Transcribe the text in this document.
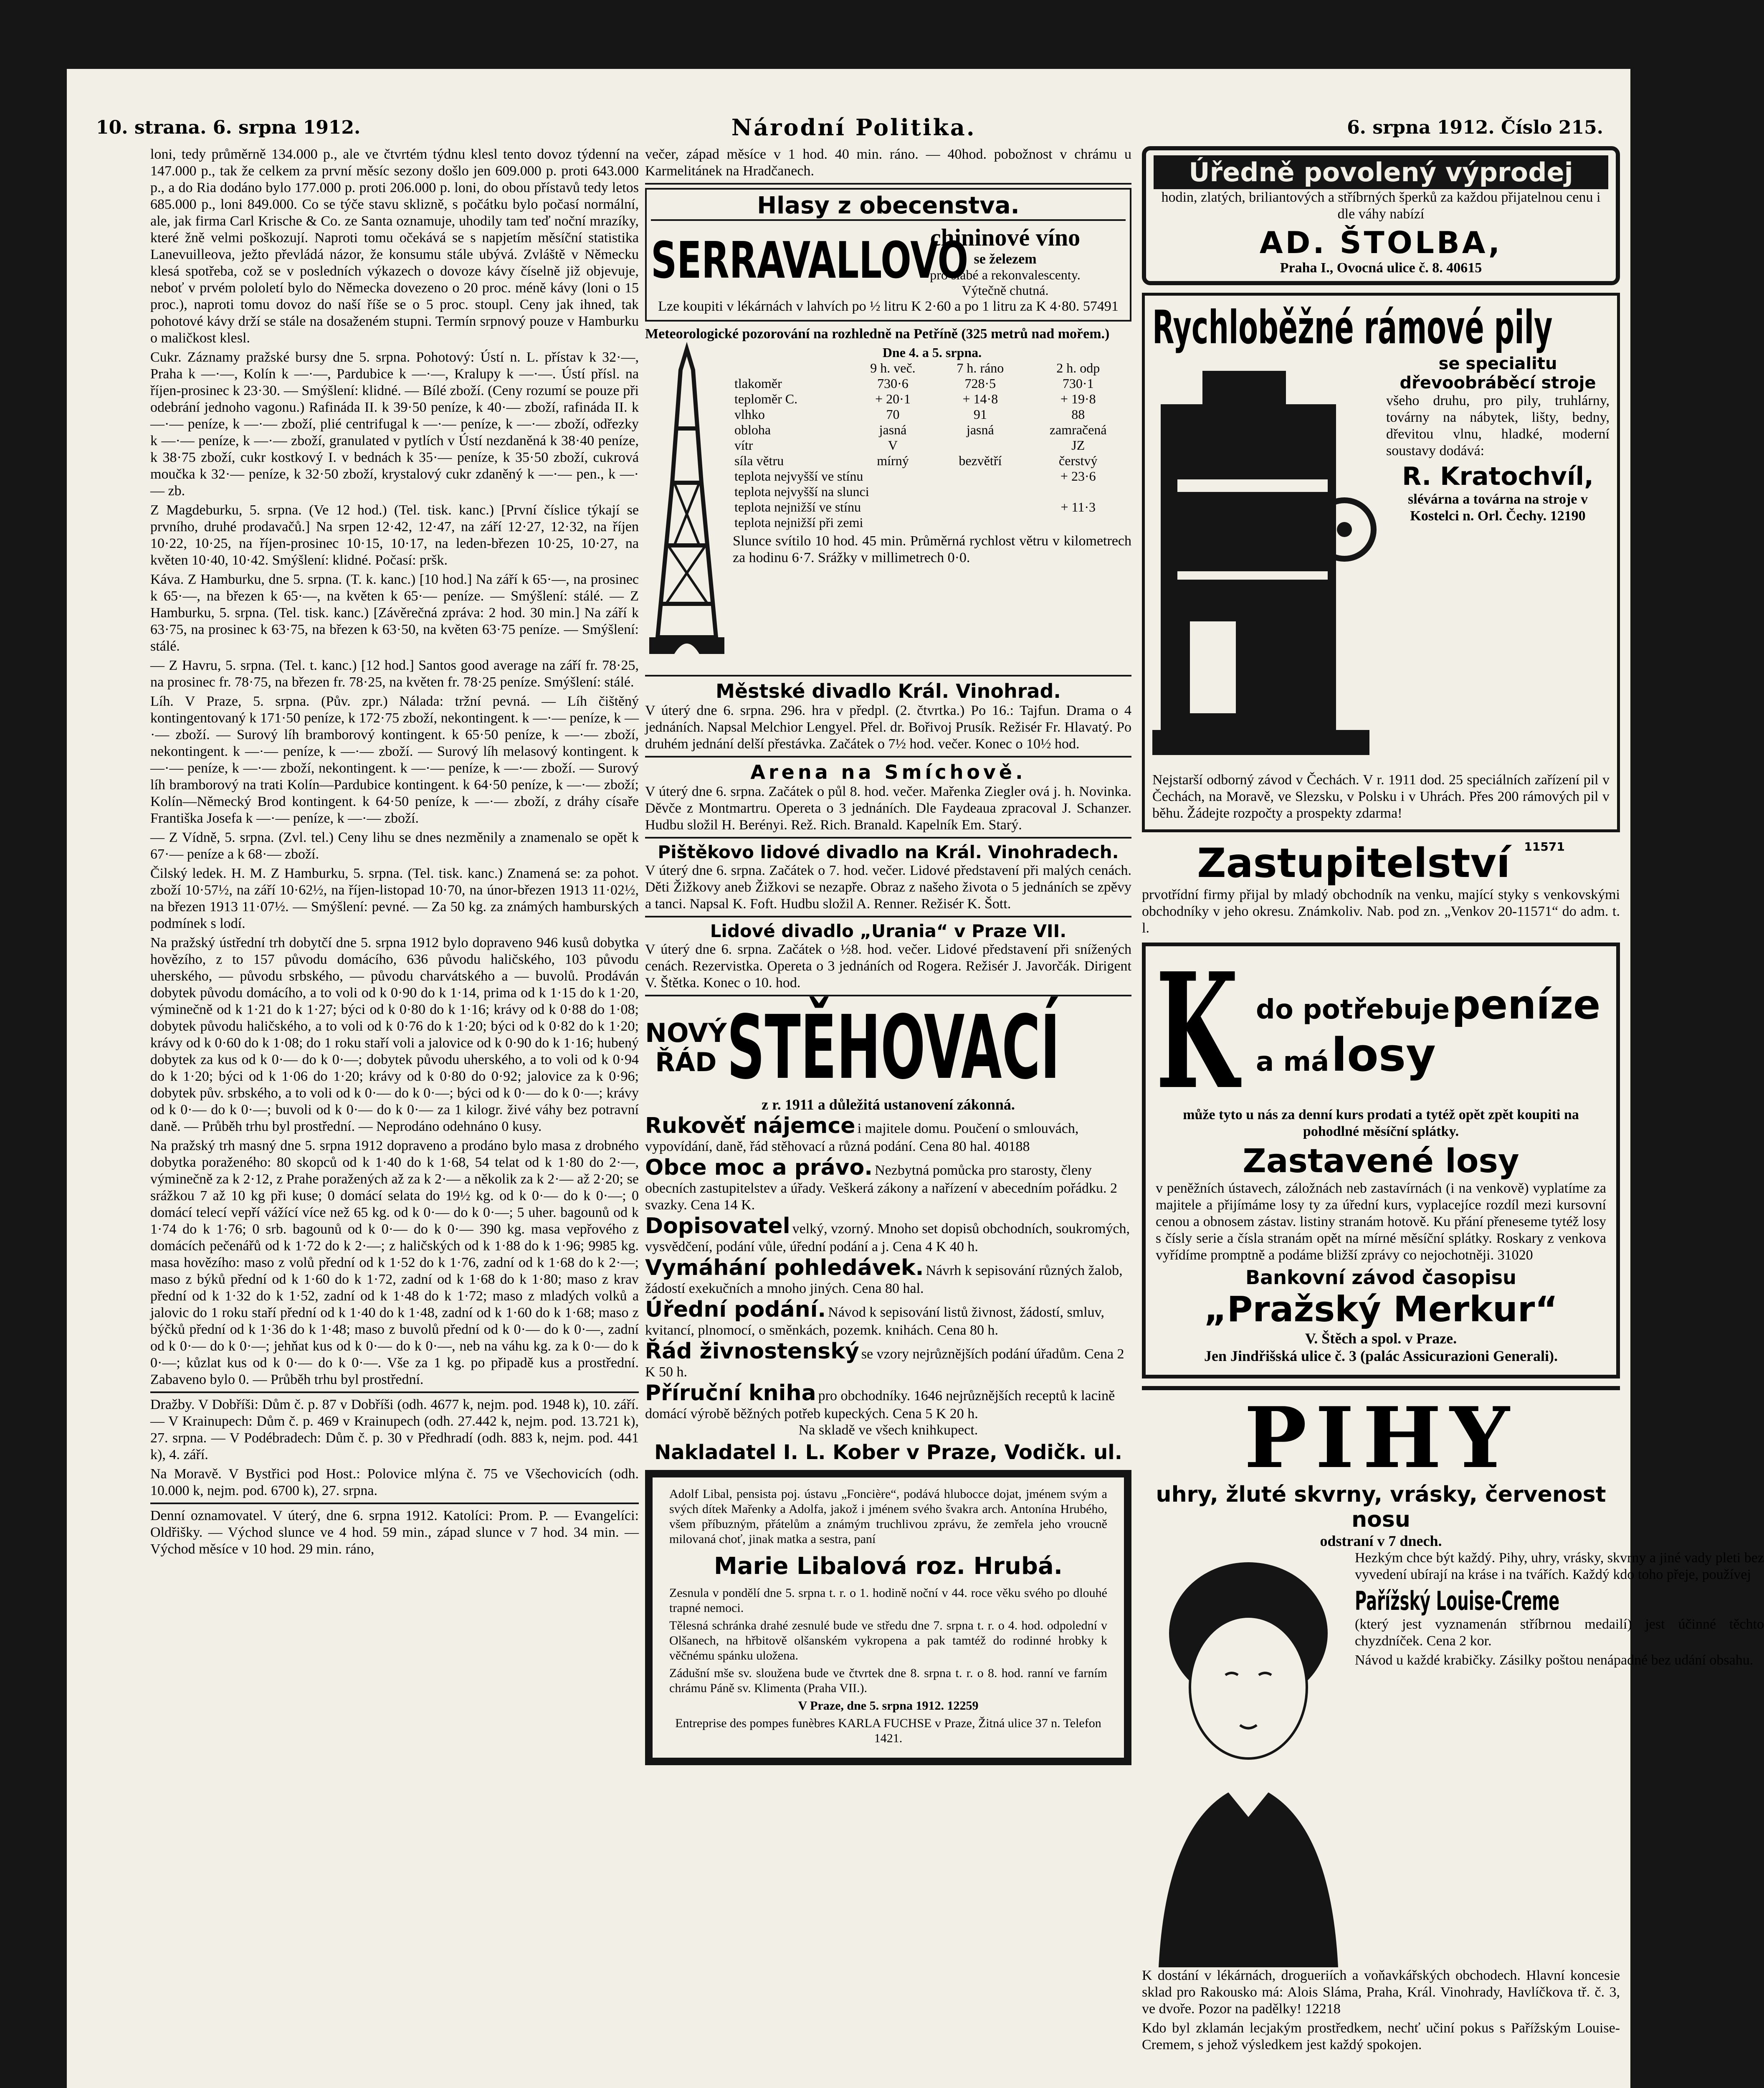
10. strana. 6. srpna 1912.	Národní Politika.	6. srpna 1912. Číslo 215.

loni, tedy průměrně 134.000 p., ale ve čtvrtém týdnu klesl tento dovoz týdenní na 147.000 p., tak že celkem za první měsíc sezony došlo jen 609.000 p. proti 643.000 p., a do Ria dodáno bylo 177.000 p. proti 206.000 p. loni, do obou přístavů tedy letos 685.000 p., loni 849.000. Co se týče stavu sklizně, s počátku bylo počasí normální, ale, jak firma Carl Krische & Co. ze Santa oznamuje, uhodily tam teď noční mrazíky, které žně velmi poškozují. Naproti tomu očekává se s napjetím měsíční statistika Lanevuilleova, ježto převládá názor, že konsumu stále ubývá. Zvláště v Německu klesá spotřeba, což se v posledních výkazech o dovoze kávy číselně již objevuje, neboť v prvém pololetí bylo do Německa dovezeno o 20 proc. méně kávy (loni o 15 proc.), naproti tomu dovoz do naší říše se o 5 proc. stoupl. Ceny jak ihned, tak pohotové kávy drží se stále na dosaženém stupni. Termín srpnový pouze v Hamburku o maličkost klesl.

Cukr. Záznamy pražské bursy dne 5. srpna. Pohotový: Ústí n. L. přístav k 32·—, Praha k —·—, Kolín k —·—, Pardubice k —·—, Kralupy k —·—. Ústí přísl. na říjen-prosinec k 23·30. — Smýšlení: klidné. — Bílé zboží. (Ceny rozumí se pouze při odebrání jednoho vagonu.) Rafináda II. k 39·50 peníze, k 40·— zboží, rafináda II. k —·— peníze, k —·— zboží, plié centrifugal k —·— peníze, k —·— zboží, odřezky k —·— peníze, k —·— zboží, granulated v pytlích v Ústí nezdaněná k 38·40 peníze, k 38·75 zboží, cukr kostkový I. v bednách k 35·— peníze, k 35·50 zboží, cukrová moučka k 32·— peníze, k 32·50 zboží, krystalový cukr zdaněný k —·— pen., k —·— zb.

Z Magdeburku, 5. srpna. (Ve 12 hod.) (Tel. tisk. kanc.) [První číslice týkají se prvního, druhé prodavačů.] Na srpen 12·42, 12·47, na září 12·27, 12·32, na říjen 10·22, 10·25, na říjen-prosinec 10·15, 10·17, na leden-březen 10·25, 10·27, na květen 10·40, 10·42. Smýšlení: klidné. Počasí: pršk.

Káva. Z Hamburku, dne 5. srpna. (T. k. kanc.) [10 hod.] Na září k 65·—, na prosinec k 65·—, na březen k 65·—, na květen k 65·— peníze. — Smýšlení: stálé. — Z Hamburku, 5. srpna. (Tel. tisk. kanc.) [Závěrečná zpráva: 2 hod. 30 min.] Na září k 63·75, na prosinec k 63·75, na březen k 63·50, na květen 63·75 peníze. — Smýšlení: stálé.

— Z Havru, 5. srpna. (Tel. t. kanc.) [12 hod.] Santos good average na září fr. 78·25, na prosinec fr. 78·75, na březen fr. 78·25, na květen fr. 78·25 peníze. Smýšlení: stálé.

Líh. V Praze, 5. srpna. (Pův. zpr.) Nálada: tržní pevná. — Líh čištěný kontingentovaný k 171·50 peníze, k 172·75 zboží, nekontingent. k —·— peníze, k —·— zboží. — Surový líh bramborový kontingent. k 65·50 peníze, k —·— zboží, nekontingent. k —·— peníze, k —·— zboží. — Surový líh melasový kontingent. k —·— peníze, k —·— zboží, nekontingent. k —·— peníze, k —·— zboží. — Surový líh bramborový na trati Kolín—Pardubice kontingent. k 64·50 peníze, k —·— zboží; Kolín—Německý Brod kontingent. k 64·50 peníze, k —·— zboží, z dráhy císaře Františka Josefa k —·— peníze, k —·— zboží.

— Z Vídně, 5. srpna. (Zvl. tel.) Ceny lihu se dnes nezměnily a znamenalo se opět k 67·— peníze a k 68·— zboží.

Čilský ledek. H. M. Z Hamburku, 5. srpna. (Tel. tisk. kanc.) Znamená se: za pohot. zboží 10·57½, na září 10·62½, na říjen-listopad 10·70, na únor-březen 1913 11·02½, na březen 1913 11·07½. — Smýšlení: pevné. — Za 50 kg. za známých hamburských podmínek s lodí.

Na pražský ústřední trh dobytčí dne 5. srpna 1912 bylo dopraveno 946 kusů dobytka hovězího, z to 157 původu domácího, 636 původu haličského, 103 původu uherského, — původu srbského, — původu charvátského a — buvolů. Prodáván dobytek původu domácího, a to voli od k 0·90 do k 1·14, prima od k 1·15 do k 1·20, výminečně od k 1·21 do k 1·27; býci od k 0·80 do k 1·16; krávy od k 0·88 do 1·08; dobytek původu haličského, a to voli od k 0·76 do k 1·20; býci od k 0·82 do k 1·20; krávy od k 0·60 do k 1·08; do 1 roku staří voli a jalovice od k 0·90 do k 1·16; hubený dobytek za kus od k 0·— do k 0·—; dobytek původu uherského, a to voli od k 0·94 do k 1·20; býci od k 1·06 do 1·20; krávy od k 0·80 do 0·92; jalovice za k 0·96; dobytek pův. srbského, a to voli od k 0·— do k 0·—; býci od k 0·— do k 0·—; krávy od k 0·— do k 0·—; buvoli od k 0·— do k 0·— za 1 kilogr. živé váhy bez potravní daně. — Průběh trhu byl prostřední. — Neprodáno odehnáno 0 kusy.

Na pražský trh masný dne 5. srpna 1912 dopraveno a prodáno bylo masa z drobného dobytka poraženého: 80 skopců od k 1·40 do k 1·68, 54 telat od k 1·80 do 2·—, výminečně za k 2·12, z Prahe poražených až za k 2·— a několik za k 2·— až 2·20; se srážkou 7 až 10 kg při kuse; 0 domácí selata do 19½ kg. od k 0·— do k 0·—; 0 domácí telecí vepří vážící více než 65 kg. od k 0·— do k 0·—; 5 uher. bagounů od k 1·74 do k 1·76; 0 srb. bagounů od k 0·— do k 0·— 390 kg. masa vepřového z domácích pečenářů od k 1·72 do k 2·—; z haličských od k 1·88 do k 1·96; 9985 kg. masa hovězího: maso z volů přední od k 1·52 do k 1·76, zadní od k 1·68 do k 2·—; maso z býků přední od k 1·60 do k 1·72, zadní od k 1·68 do k 1·80; maso z krav přední od k 1·32 do k 1·52, zadní od k 1·48 do k 1·72; maso z mladých volků a jalovic do 1 roku staří přední od k 1·40 do k 1·48, zadní od k 1·60 do k 1·68; maso z býčků přední od k 1·36 do k 1·48; maso z buvolů přední od k 0·— do k 0·—, zadní od k 0·— do k 0·—; jehňat kus od k 0·— do k 0·—, neb na váhu kg. za k 0·— do k 0·—; kůzlat kus od k 0·— do k 0·—. Vše za 1 kg. po připadě kus a prostřední. Zabaveno bylo 0. — Průběh trhu byl prostřední.

Dražby. V Dobříši: Dům č. p. 87 v Dobříši (odh. 4677 k, nejm. pod. 1948 k), 10. září. — V Krainupech: Dům č. p. 469 v Krainupech (odh. 27.442 k, nejm. pod. 13.721 k), 27. srpna. — V Podébradech: Dům č. p. 30 v Předhradí (odh. 883 k, nejm. pod. 441 k), 4. září.

Na Moravě. V Bystřici pod Host.: Polovice mlýna č. 75 ve Všechovicích (odh. 10.000 k, nejm. pod. 6700 k), 27. srpna.

Denní oznamovatel. V úterý, dne 6. srpna 1912. Katolíci: Prom. P. — Evangelíci: Oldřišky. — Východ slunce ve 4 hod. 59 min., západ slunce v 7 hod. 34 min. — Východ měsíce v 10 hod. 29 min. ráno,

večer, západ měsíce v 1 hod. 40 min. ráno. — 40hod. pobožnost v chrámu u Karmelitánek na Hradčanech.

Hlasy z obecenstva.
SERRAVALLOVO
chininové víno
se železem
pro slabé a rekonvalescenty.
Výtečně chutná.

Lze koupiti v lékárnách v lahvích po ½ litru K 2·60 a po 1 litru za K 4·80. 57491

Meteorologické pozorování na rozhledně na Petříně (325 metrů nad mořem.)

Dne 4. a 5. srpna.
	9 h. več.	7 h. ráno	2 h. odp
tlakoměr	730·6	728·5	730·1
teploměr C.	+ 20·1	+ 14·8	+ 19·8
vlhko	70	91	88
obloha	jasná	jasná	zamračená
vítr	V		JZ
síla větru	mírný	bezvětří	čerstvý
teplota nejvyšší ve stínu			+ 23·6
teplota nejvyšší na slunci			
teplota nejnižší ve stínu			+ 11·3
teplota nejnižší při zemi			

Slunce svítilo 10 hod. 45 min. Průměrná rychlost větru v kilometrech za hodinu 6·7. Srážky v millimetrech 0·0.

Městské divadlo Král. Vinohrad.

V úterý dne 6. srpna. 296. hra v předpl. (2. čtvrtka.) Po 16.: Tajfun. Drama o 4 jednáních. Napsal Melchior Lengyel. Přel. dr. Bořivoj Prusík. Režisér Fr. Hlavatý. Po druhém jednání delší přestávka. Začátek o 7½ hod. večer. Konec o 10½ hod.

Arena na Smíchově.

V úterý dne 6. srpna. Začátek o půl 8. hod. večer. Mařenka Ziegler ová j. h. Novinka. Děvče z Montmartru. Opereta o 3 jednáních. Dle Faydeaua zpracoval J. Schanzer. Hudbu složil H. Berényi. Rež. Rich. Branald. Kapelník Em. Starý.

Pištěkovo lidové divadlo na Král. Vinohradech.

V úterý dne 6. srpna. Začátek o 7. hod. večer. Lidové představení při malých cenách. Děti Žižkovy aneb Žižkovi se nezapře. Obraz z našeho života o 5 jednáních se zpěvy a tanci. Napsal K. Foft. Hudbu složil A. Renner. Režisér K. Šott.

Lidové divadlo „Urania“ v Praze VII.

V úterý dne 6. srpna. Začátek o ½8. hod. večer. Lidové představení při snížených cenách. Rezervistka. Opereta o 3 jednáních od Rogera. Režisér J. Javorčák. Dirigent V. Štětka. Konec o 10. hod.

NOVÝ ŘÁD STĚHOVACÍ
z r. 1911 a důležitá ustanovení zákonná.
Rukověť nájemce i majitele domu. Poučení o smlouvách, vypovídání, daně, řád stěhovací a různá podání. Cena 80 hal. 40188
Obce moc a právo. Nezbytná pomůcka pro starosty, členy obecních zastupitelstev a úřady. Veškerá zákony a nařízení v abecedním pořádku. 2 svazky. Cena 14 K.
Dopisovatel velký, vzorný. Mnoho set dopisů obchodních, soukromých, vysvědčení, podání vůle, úřední podání a j. Cena 4 K 40 h.
Vymáhání pohledávek. Návrh k sepisování různých žalob, žádostí exekučních a mnoho jiných. Cena 80 hal.
Úřední podání. Návod k sepisování listů živnost, žádostí, smluv, kvitancí, plnomocí, o směnkách, pozemk. knihách. Cena 80 h.
Řád živnostenský se vzory nejrůznějších podání úřadům. Cena 2 K 50 h.
Příruční kniha pro obchodníky. 1646 nejrůznějších receptů k lacině domácí výrobě běžných potřeb kupeckých. Cena 5 K 20 h.
Na skladě ve všech knihkupect.
Nakladatel I. L. Kober v Praze, Vodičk. ul.

Adolf Libal, pensista poj. ústavu „Foncière“, podává hlubocce dojat, jménem svým a svých dítek Mařenky a Adolfa, jakož i jménem svého švakra arch. Antonína Hrubého, všem příbuzným, přátelům a známým truchlivou zprávu, že zemřela jeho vroucně milovaná choť, jinak matka a sestra, paní

Marie Libalová roz. Hrubá.

Zesnula v pondělí dne 5. srpna t. r. o 1. hodině noční v 44. roce věku svého po dlouhé trapné nemoci.

Tělesná schránka drahé zesnulé bude ve středu dne 7. srpna t. r. o 4. hod. odpolední v Olšanech, na hřbitově olšanském vykropena a pak tamtéž do rodinné hrobky k věčnému spánku uložena.

Zádušní mše sv. sloužena bude ve čtvrtek dne 8. srpna t. r. o 8. hod. ranní ve farním chrámu Páně sv. Klimenta (Praha VII.).

V Praze, dne 5. srpna 1912. 12259

Entreprise des pompes funèbres KARLA FUCHSE v Praze, Žitná ulice 37 n. Telefon 1421.

Úředně povolený výprodej

hodin, zlatých, briliantových a stříbrných šperků za každou přijatelnou cenu i dle váhy nabízí

AD. ŠTOLBA,
Praha I., Ovocná ulice č. 8. 40615
Rychloběžné rámové pily
se specialitu dřevoobráběcí stroje

všeho druhu, pro pily, truhlárny, továrny na nábytek, lišty, bedny, dřevitou vlnu, hladké, moderní soustavy dodává:

R. Kratochvíl,

slévárna a továrna na stroje v Kostelci n. Orl. Čechy. 12190

Nejstarší odborný závod v Čechách. V r. 1911 dod. 25 speciálních zařízení pil v Čechách, na Moravě, ve Slezsku, v Polsku i v Uhrách. Přes 200 rámových pil v běhu. Žádejte rozpočty a prospekty zdarma!

Zastupitelství $^{11571}$

prvotřídní firmy přijal by mladý obchodník na venku, mající styky s venkovskými obchodníky v jeho okresu. Známkoliv. Nab. pod zn. „Venkov 20-11571“ do adm. t. l.

K do potřebuje peníze
a má losy

může tyto u nás za denní kurs prodati a tytéž opět zpět koupiti na pohodlné měsíční splátky.

Zastavené losy

v peněžních ústavech, záložnách neb zastavírnách (i na venkově) vyplatíme za majitele a přijímáme losy ty za úřední kurs, vyplacejíce rozdíl mezi kursovní cenou a obnosem zástav. listiny stranám hotově. Ku přání přeneseme tytéž losy s čísly serie a čísla stranám opět na mírné měsíční splátky. Roskary z venkova vyřídíme promptně a podáme bližší zprávy co nejochotněji. 31020

Bankovní závod časopisu
„Pražský Merkur“
V. Štěch a spol. v Praze.
Jen Jindřišská ulice č. 3 (palác Assicurazioni Generali).
PIHY
uhry, žluté skvrny, vrásky, červenost nosu
odstraní v 7 dnech.

Hezkým chce být každý. Pihy, uhry, vrásky, skvrny a jiné vady pleti bez vyvedení ubírají na kráse i na tvářích. Každý kdo toho přeje, používej

Pařížský Louise-Creme

(který jest vyznamenán stříbrnou medailí) jest účinné těchto chyzdníček. Cena 2 kor.

Návod u každé krabičky. Zásilky poštou nenápadné bez udání obsahu.

K dostání v lékárnách, drogueriích a voňavkářských obchodech. Hlavní koncesie sklad pro Rakousko má: Alois Sláma, Praha, Král. Vinohrady, Havlíčkova tř. č. 3, ve dvoře. Pozor na padělky! 12218

Kdo byl zklamán lecjakým prostředkem, nechť učiní pokus s Pařížským Louise-Cremem, s jehož výsledkem jest každý spokojen.
